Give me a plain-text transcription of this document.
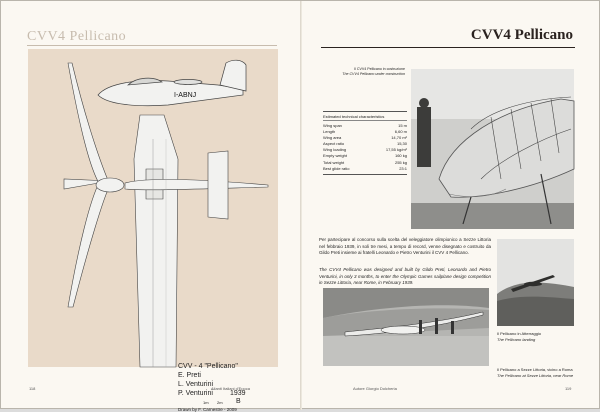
CVV4 Pellicano
I-ABNJ
CVV - 4 "Pellicano"
E. Preti
L. Venturini
P. Venturini 1939
1m 2m B
Drawn by F. Carnestre - 2009
118	Alianti Italiani d'Epoca
CVV4 Pellicano
Il CVV4 Pellicano in costruzione
The CVV4 Pellicano under construction
Estimated technical characteristics
Wing span	15 m
Length	6,60 m
Wing area	14,70 m²
Aspect ratio	15,30
Wing loading	17,55 kg/m²
Empty weight	160 kg
Total weight	255 kg
Best glide ratio	23:1
Per partecipare al concorso sulla scelta del veleggiatore olimpionico a Sezze Littoria nel febbraio 1939, in soli tre mesi, a tempo di record, venne disegnato e costruito da Gildo Preti insieme ai fratelli Leonardo e Pietro Venturini il CVV 4 Pellicano.
The CVV4 Pellicano was designed and built by Gildo Preti, Leonardo and Pietro Venturini, in only 3 months, to enter the Olympic Games sailplane design competition in Sezze Littoria, near Rome, in February 1939.
Il Pellicano in Atterraggio
The Pellicano landing
Il Pellicano a Sezze Littoria, vicino a Roma
The Pellicano at Sezze Littoria, near Rome
Autore Giorgio Dolcheria	119
